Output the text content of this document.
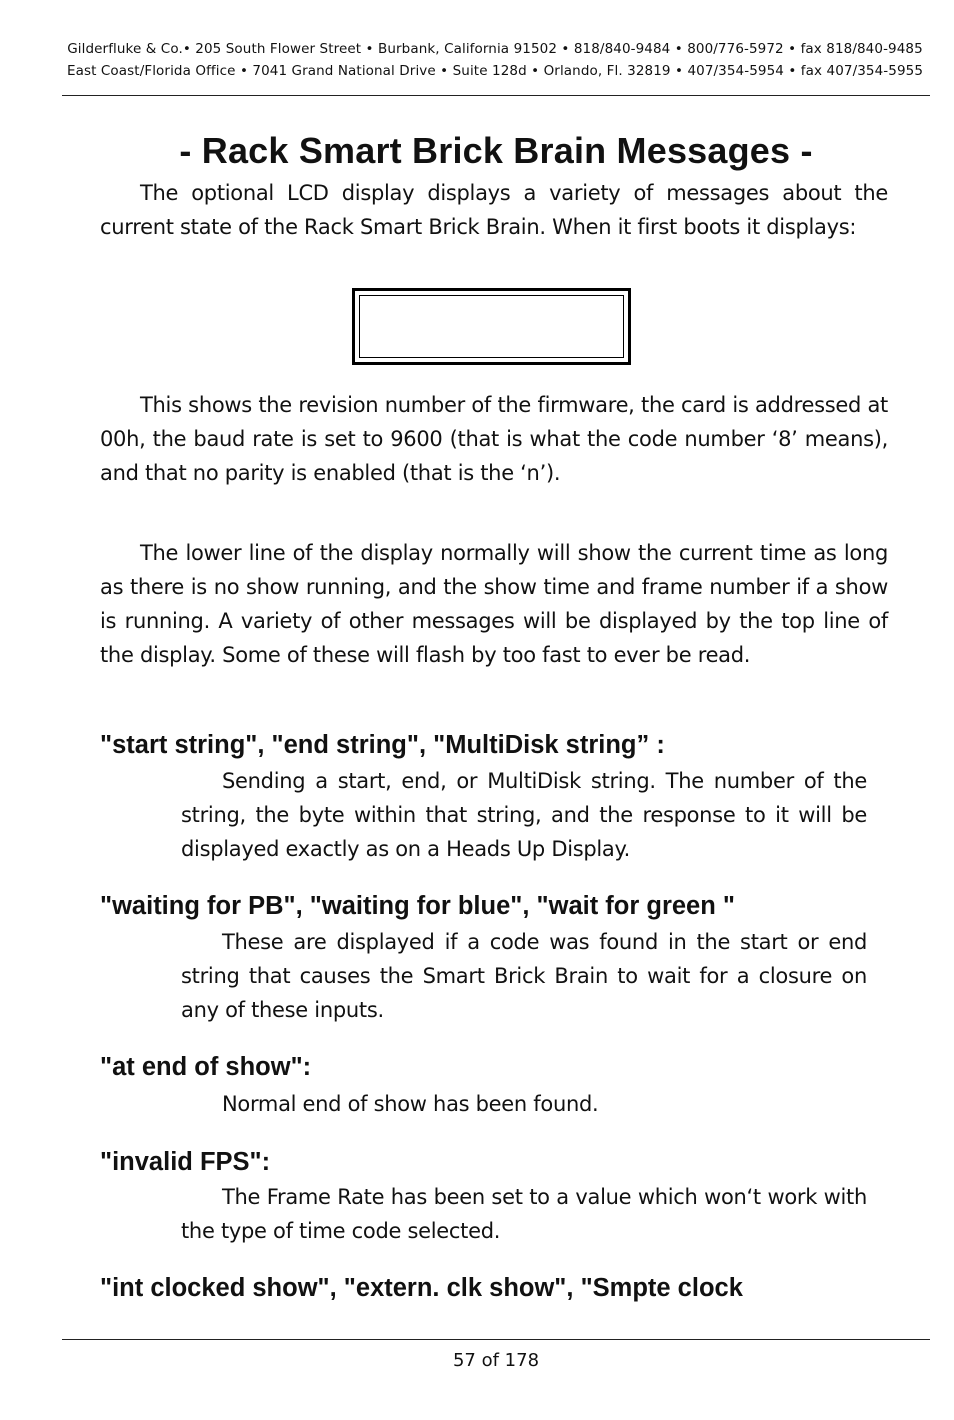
Gilderfluke & Co.• 205 South Flower Street • Burbank, California 91502 • 818/840-9484 • 800/776-5972 • fax 818/840-9485
East Coast/Florida Office • 7041 Grand National Drive • Suite 128d • Orlando, Fl. 32819 • 407/354-5954 • fax 407/354-5955
- Rack Smart Brick Brain Messages -

The optional LCD display displays a variety of messages about the current state of the Rack Smart Brick Brain. When it first boots it displays:

This shows the revision number of the firmware, the card is addressed at 00h, the baud rate is set to 9600 (that is what the code number ‘8’ means), and that no parity is enabled (that is the ‘n’).

The lower line of the display normally will show the current time as long as there is no show running, and the show time and frame number if a show is running. A variety of other messages will be displayed by the top line of the display. Some of these will flash by too fast to ever be read.

"start string", "end string", "MultiDisk string” :

Sending a start, end, or MultiDisk string. The number of the string, the byte within that string, and the response to it will be displayed exactly as on a Heads Up Display.

"waiting for PB", "waiting for blue", "wait for green "

These are displayed if a code was found in the start or end string that causes the Smart Brick Brain to wait for a closure on any of these inputs.

"at end of show":

Normal end of show has been found.

"invalid FPS":

The Frame Rate has been set to a value which won‘t work with the type of time code selected.

"int clocked show", "extern. clk show", "Smpte clock
57 of 178
